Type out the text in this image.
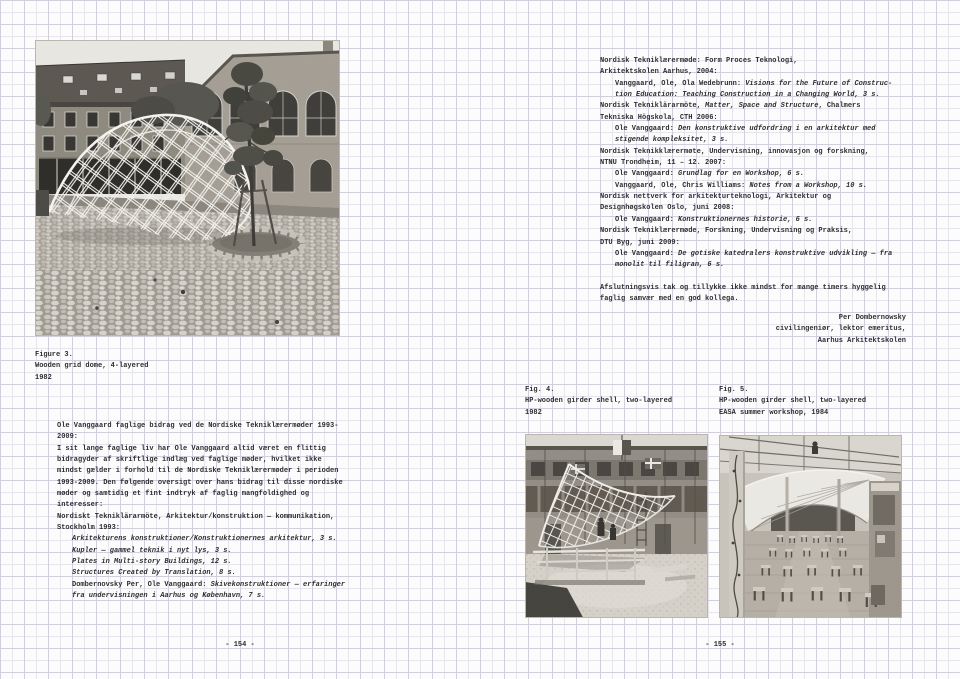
Figure 3.
Wooden grid dome, 4-layered
1982
Ole Vanggaard faglige bidrag ved de Nordiske Tekniklærermøder 1993-
2009:
I sit lange faglige liv har Ole Vanggaard altid været en flittig
bidragyder af skriftlige indlæg ved faglige møder, hvilket ikke
mindst gælder i forhold til de Nordiske Tekniklærermøder i perioden
1993-2009. Den følgende oversigt over hans bidrag til disse nordiske
møder og samtidig et fint indtryk af faglig mangfoldighed og
interesser:
Nordiskt Tekniklärarmöte, Arkitektur/konstruktion — kommunikation,
Stockholm 1993:
Arkitekturens konstruktioner/Konstruktionernes arkitektur, 3 s.
Kupler — gammel teknik i nyt lys, 3 s.
Plates in Multi-story Buildings, 12 s.
Structures Created by Translation, 8 s.
Dombernovsky Per, Ole Vanggaard: Skivekonstruktioner — erfaringer
fra undervisningen i Aarhus og København, 7 s.
- 154 -
Nordisk Tekniklærermøde: Form Proces Teknologi,
Arkitektskolen Aarhus, 2004:
Vanggaard, Ole, Ola Wedebrunn: Visions for the Future of Construc-
tion Education: Teaching Construction in a Changing World, 3 s.
Nordisk Tekniklärarmöte, Matter, Space and Structure, Chalmers
Tekniska Högskola, CTH 2006:
Ole Vanggaard: Den konstruktive udfordring i en arkitektur med
stigende kompleksitet, 3 s.
Nordisk Teknikklærermøte, Undervisning, innovasjon og forskning,
NTNU Trondheim, 11 – 12. 2007:
Ole Vanggaard: Grundlag for en Workshop, 6 s.
Vanggaard, Ole, Chris Williams: Notes from a Workshop, 10 s.
Nordisk nettverk for arkitekturteknologi, Arkitektur og
Designhøgskolen Oslo, juni 2008:
Ole Vanggaard: Konstruktionernes historie, 6 s.
Nordisk Tekniklærermøde, Forskning, Undervisning og Praksis,
DTU Byg, juni 2009:
Ole Vanggaard: De gotiske katedralers konstruktive udvikling — fra
monolit til filigran, 6 s.

Afslutningsvis tak og tillykke ikke mindst for mange timers hyggelig
faglig samvær med en god kollega.
Per Dombernowsky
civilingeniør, lektor emeritus,
Aarhus Arkitektskolen
Fig. 4.
HP-wooden girder shell, two-layered
1982
Fig. 5.
HP-wooden girder shell, two-layered
EASA summer workshop, 1984
- 155 -
